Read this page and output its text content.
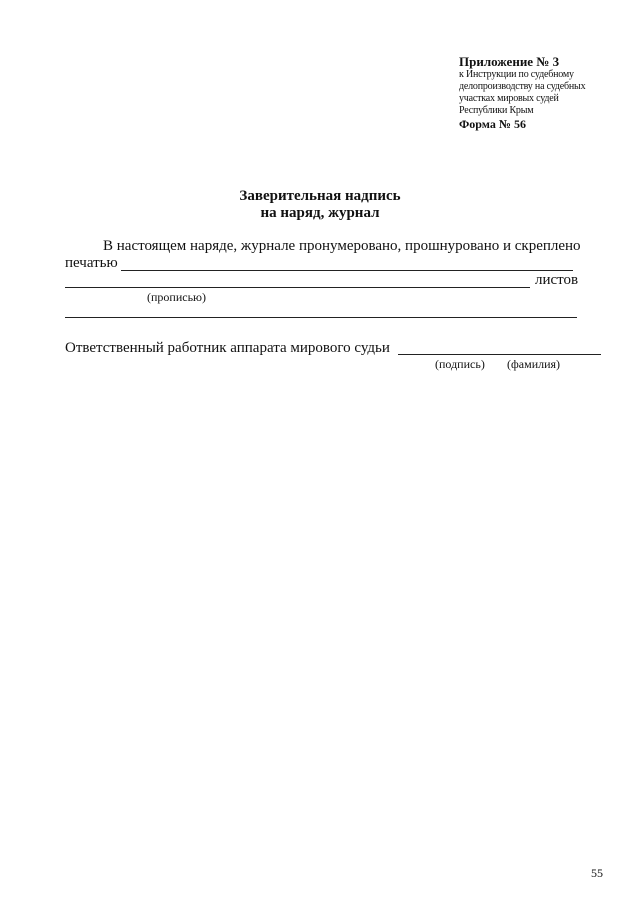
Приложение № 3
к Инструкции по судебному
делопроизводству на судебных
участках мировых судей
Республики Крым
Форма № 56
Заверительная надпись
на наряд, журнал
В настоящем наряде, журнале пронумеровано, прошнуровано и скреплено
печатью
листов
(прописью)
Ответственный работник аппарата мирового судьи
(подпись) (фамилия)
55
